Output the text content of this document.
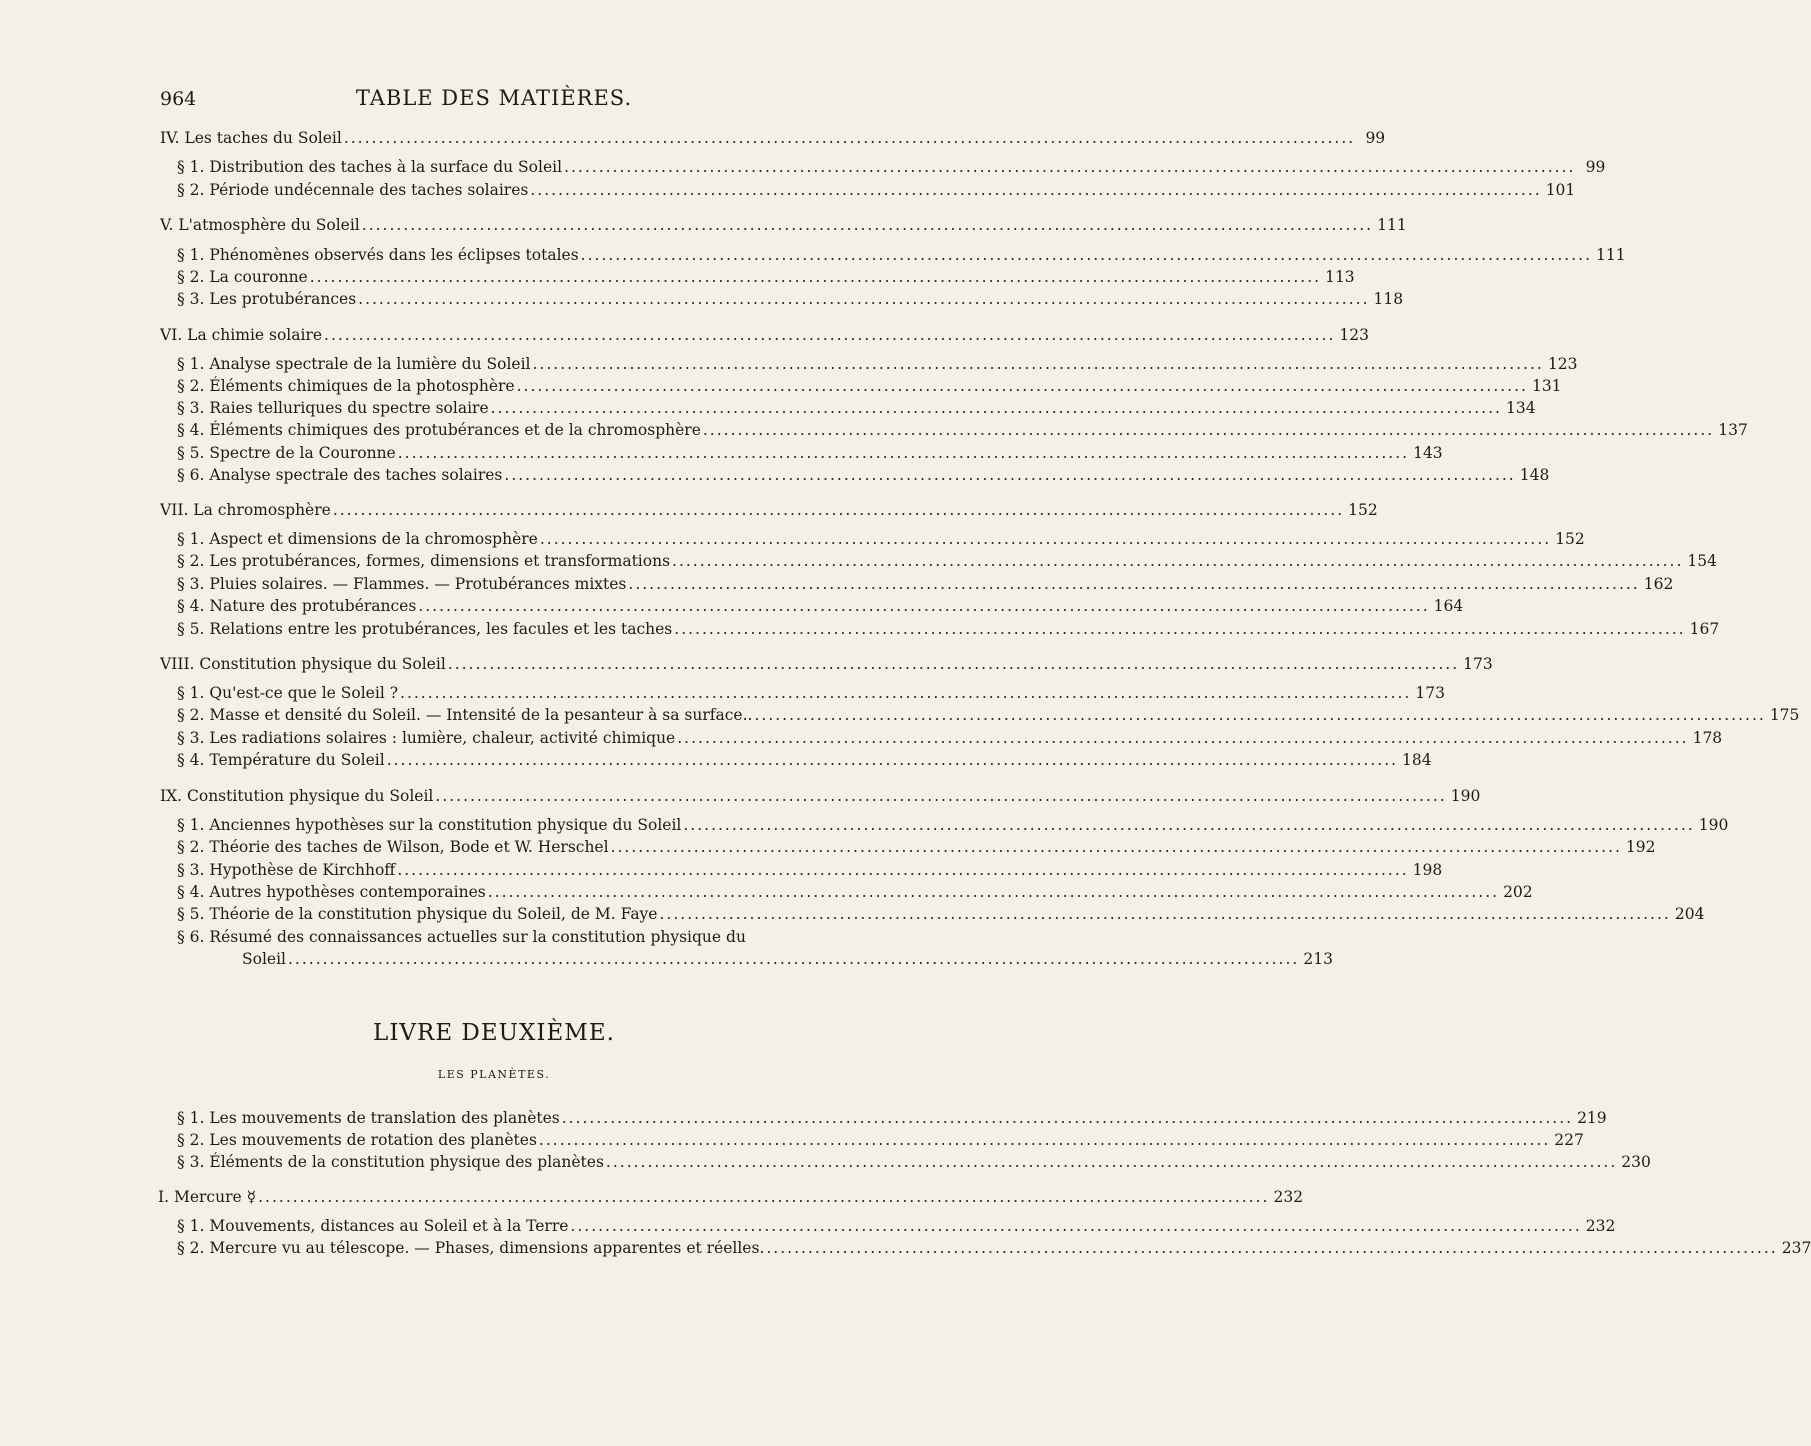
964	TABLE DES MATIÈRES.
IV. Les taches du Soleil .................................................................................................................................................. 99
§ 1. Distribution des taches à la surface du Soleil .................................................................................................................................................. 99
§ 2. Période undécennale des taches solaires .................................................................................................................................................. 101
V. L'atmosphère du Soleil .................................................................................................................................................. 111
§ 1. Phénomènes observés dans les éclipses totales .................................................................................................................................................. 111
§ 2. La couronne .................................................................................................................................................. 113
§ 3. Les protubérances .................................................................................................................................................. 118
VI. La chimie solaire .................................................................................................................................................. 123
§ 1. Analyse spectrale de la lumière du Soleil .................................................................................................................................................. 123
§ 2. Éléments chimiques de la photosphère .................................................................................................................................................. 131
§ 3. Raies telluriques du spectre solaire .................................................................................................................................................. 134
§ 4. Éléments chimiques des protubérances et de la chromosphère .................................................................................................................................................. 137
§ 5. Spectre de la Couronne .................................................................................................................................................. 143
§ 6. Analyse spectrale des taches solaires .................................................................................................................................................. 148
VII. La chromosphère .................................................................................................................................................. 152
§ 1. Aspect et dimensions de la chromosphère .................................................................................................................................................. 152
§ 2. Les protubérances, formes, dimensions et transformations .................................................................................................................................................. 154
§ 3. Pluies solaires. — Flammes. — Protubérances mixtes .................................................................................................................................................. 162
§ 4. Nature des protubérances .................................................................................................................................................. 164
§ 5. Relations entre les protubérances, les facules et les taches .................................................................................................................................................. 167
VIII. Constitution physique du Soleil .................................................................................................................................................. 173
§ 1. Qu'est-ce que le Soleil ? .................................................................................................................................................. 173
§ 2. Masse et densité du Soleil. — Intensité de la pesanteur à sa surface.. .................................................................................................................................................. 175
§ 3. Les radiations solaires : lumière, chaleur, activité chimique .................................................................................................................................................. 178
§ 4. Température du Soleil .................................................................................................................................................. 184
IX. Constitution physique du Soleil .................................................................................................................................................. 190
§ 1. Anciennes hypothèses sur la constitution physique du Soleil .................................................................................................................................................. 190
§ 2. Théorie des taches de Wilson, Bode et W. Herschel .................................................................................................................................................. 192
§ 3. Hypothèse de Kirchhoff .................................................................................................................................................. 198
§ 4. Autres hypothèses contemporaines .................................................................................................................................................. 202
§ 5. Théorie de la constitution physique du Soleil, de M. Faye .................................................................................................................................................. 204
§ 6. Résumé des connaissances actuelles sur la constitution physique du
Soleil .................................................................................................................................................. 213
LIVRE DEUXIÈME.
LES PLANÈTES.
§ 1. Les mouvements de translation des planètes .................................................................................................................................................. 219
§ 2. Les mouvements de rotation des planètes .................................................................................................................................................. 227
§ 3. Éléments de la constitution physique des planètes .................................................................................................................................................. 230
I. Mercure ☿ .................................................................................................................................................. 232
§ 1. Mouvements, distances au Soleil et à la Terre .................................................................................................................................................. 232
§ 2. Mercure vu au télescope. — Phases, dimensions apparentes et réelles. .................................................................................................................................................. 237
